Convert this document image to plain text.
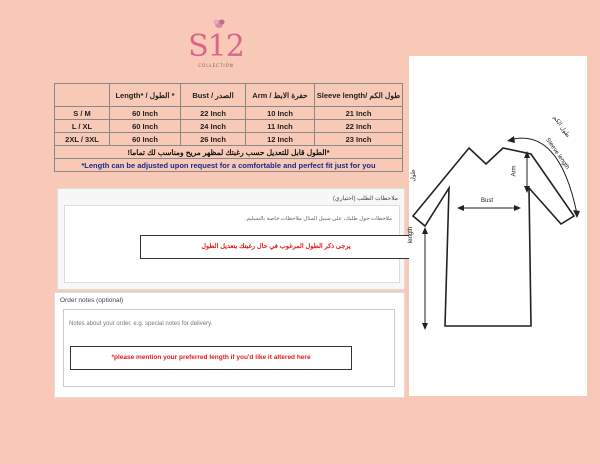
S12
COLLECTION
	Length* / الطول *	Bust / الصدر	Arm / حفرة الابط	Sleeve length/ طول الكم
S / M	60 Inch	22 Inch	10 Inch	21 Inch
L / XL	60 Inch	24 Inch	11 Inch	22 Inch
2XL / 3XL	60 Inch	26 Inch	12 Inch	23 Inch
*الطول قابل للتعديل حسب رغبتك لمظهر مريح ومناسب لك تماما!				
*Length can be adjusted upon request for a comfortable and perfect fit just for you				
ملاحظات الطلب (اختياري)
ملاحظات حول طلبك، على سبيل المثال ملاحظات خاصة بالتسليم.
يرجى ذكر الطول المرغوب في حال رغبتك بتعديل الطول
Order notes (optional)
Notes about your order, e.g. special notes for delivery.
*please mention your preferred length if you'd like it altered here
طول الكم
Sleeve length
Arm
Bust
length
طول
